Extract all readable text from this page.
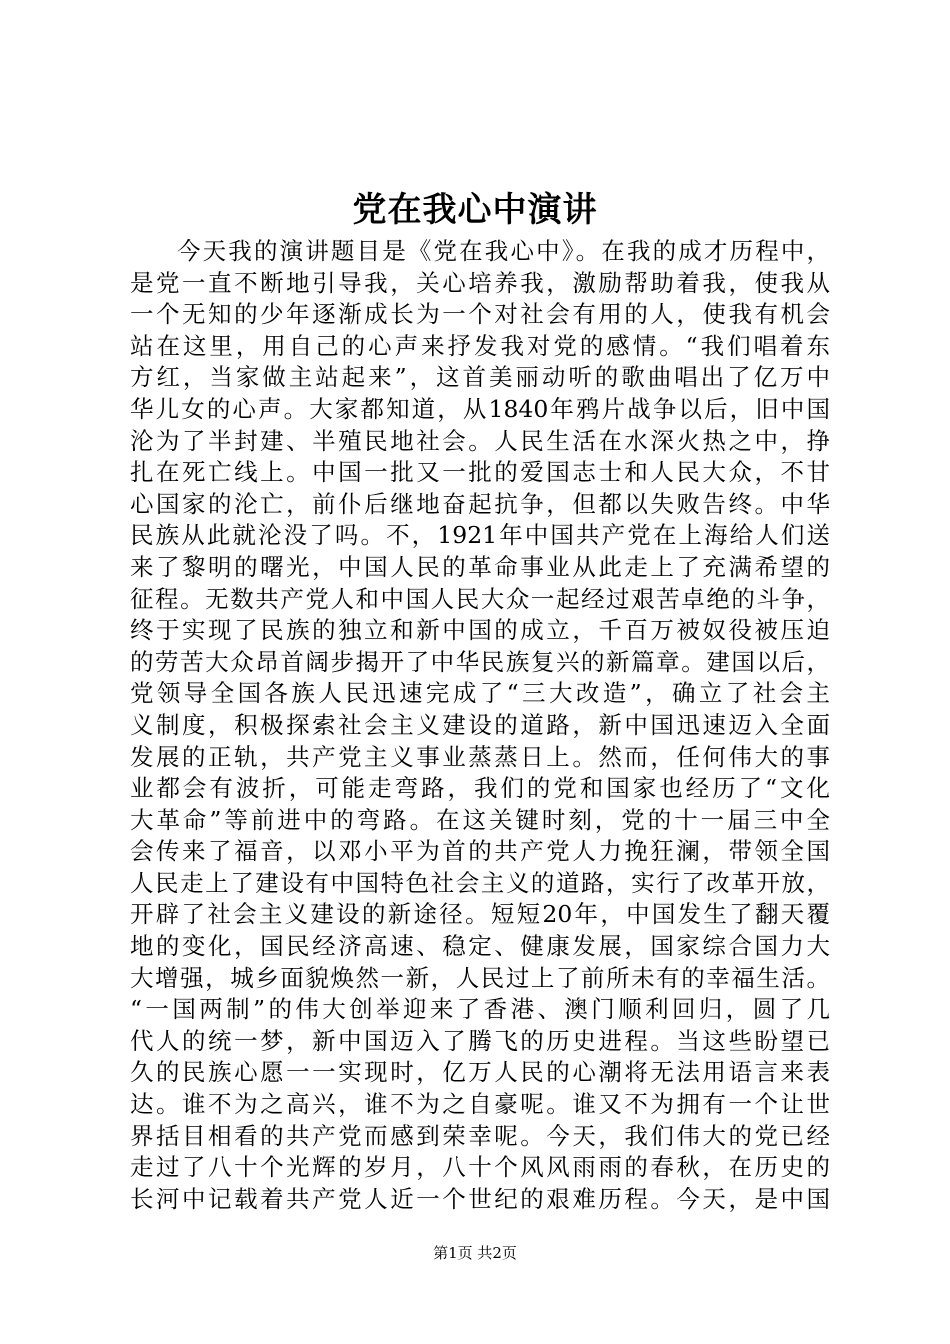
党在我心中演讲
今天我的演讲题目是《党在我心中》。在我的成才历程中，
是党一直不断地引导我，关心培养我，激励帮助着我，使我从
一个无知的少年逐渐成长为一个对社会有用的人，使我有机会
站在这里，用自己的心声来抒发我对党的感情。“我们唱着东
方红，当家做主站起来”，这首美丽动听的歌曲唱出了亿万中
华儿女的心声。大家都知道，从1840年鸦片战争以后，旧中国
沦为了半封建、半殖民地社会。人民生活在水深火热之中，挣
扎在死亡线上。中国一批又一批的爱国志士和人民大众，不甘
心国家的沦亡，前仆后继地奋起抗争，但都以失败告终。中华
民族从此就沦没了吗。不，1921年中国共产党在上海给人们送
来了黎明的曙光，中国人民的革命事业从此走上了充满希望的
征程。无数共产党人和中国人民大众一起经过艰苦卓绝的斗争，
终于实现了民族的独立和新中国的成立，千百万被奴役被压迫
的劳苦大众昂首阔步揭开了中华民族复兴的新篇章。建国以后，
党领导全国各族人民迅速完成了“三大改造”，确立了社会主
义制度，积极探索社会主义建设的道路，新中国迅速迈入全面
发展的正轨，共产党主义事业蒸蒸日上。然而，任何伟大的事
业都会有波折，可能走弯路，我们的党和国家也经历了“文化
大革命”等前进中的弯路。在这关键时刻，党的十一届三中全
会传来了福音，以邓小平为首的共产党人力挽狂澜，带领全国
人民走上了建设有中国特色社会主义的道路，实行了改革开放，
开辟了社会主义建设的新途径。短短20年，中国发生了翻天覆
地的变化，国民经济高速、稳定、健康发展，国家综合国力大
大增强，城乡面貌焕然一新，人民过上了前所未有的幸福生活。
“一国两制”的伟大创举迎来了香港、澳门顺利回归，圆了几
代人的统一梦，新中国迈入了腾飞的历史进程。当这些盼望已
久的民族心愿一一实现时，亿万人民的心潮将无法用语言来表
达。谁不为之高兴，谁不为之自豪呢。谁又不为拥有一个让世
界括目相看的共产党而感到荣幸呢。今天，我们伟大的党已经
走过了八十个光辉的岁月，八十个风风雨雨的春秋，在历史的
长河中记载着共产党人近一个世纪的艰难历程。今天，是中国
第1页 共2页
